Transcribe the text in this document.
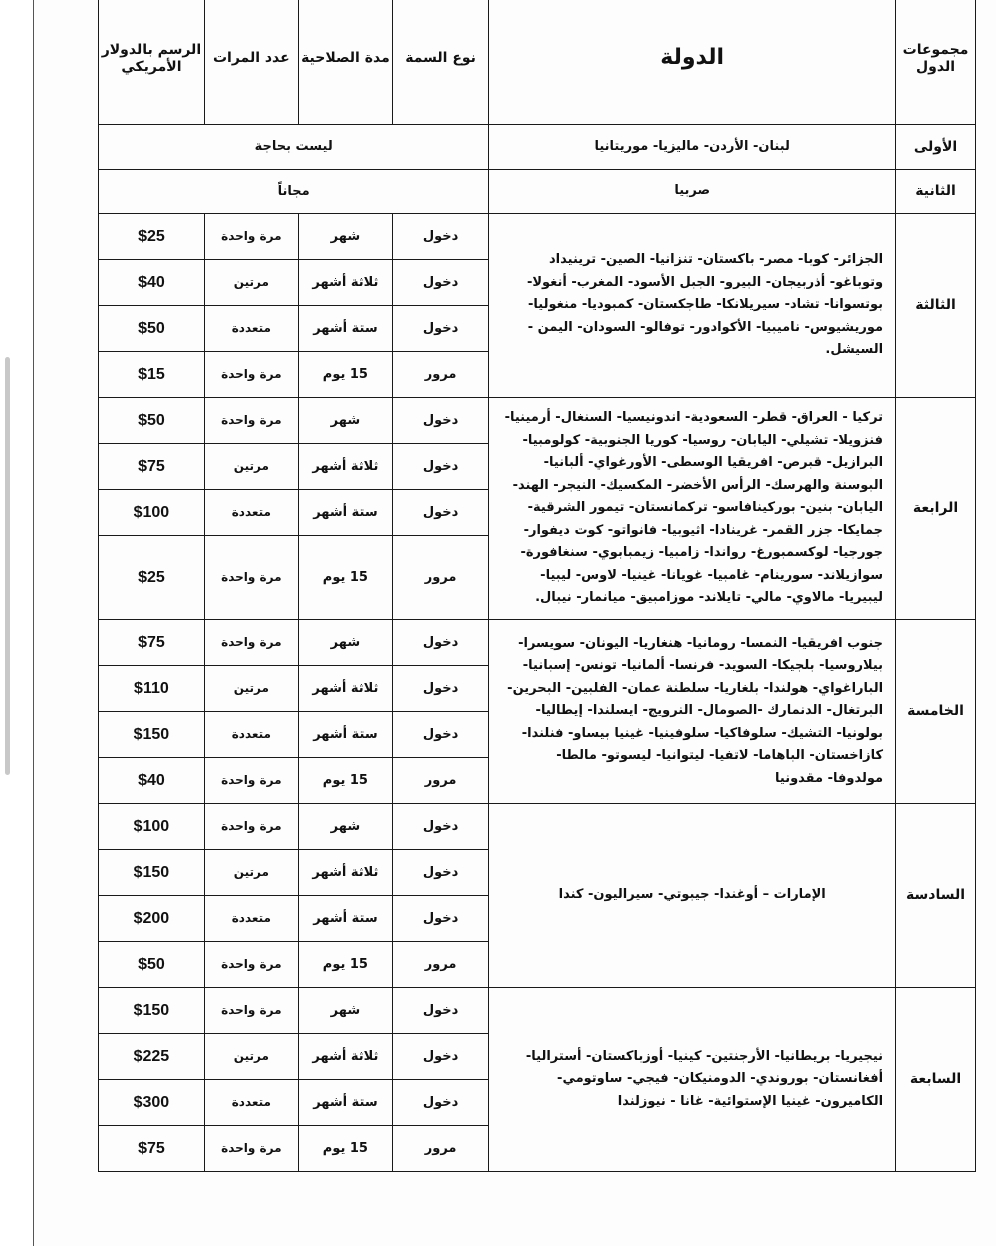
مجموعات الدول	الدولة	نوع السمة	مدة الصلاحية	عدد المرات	الرسم بالدولار الأمريكي
الأولى	لبنان- الأردن- ماليزيا- موريتانيا	ليست بحاجة			
الثانية	صربيا	مجاناً			
الثالثة	الجزائر- كوبا- مصر- باكستان- تنزانيا- الصين- ترينيداد وتوباغو- أذربيجان- البيرو- الجبل الأسود- المغرب- أنغولا- بوتسوانا- تشاد- سيريلانكا- طاجكستان- كمبوديا- منغوليا- موريشيوس- ناميبيا- الأكوادور- توفالو- السودان- اليمن - السيشل.	دخول	شهر	مرة واحدة	$25
		دخول	ثلاثة أشهر	مرتين	$40
		دخول	ستة أشهر	متعددة	$50
		مرور	15 يوم	مرة واحدة	$15
الرابعة	تركيا - العراق- قطر- السعودية- اندونيسيا- السنغال- أرمينيا- فنزويلا- تشيلي- اليابان- روسيا- كوريا الجنوبية- كولومبيا- البرازيل- قبرص- افريقيا الوسطى- الأورغواي- ألبانيا- البوسنة والهرسك- الرأس الأخضر- المكسيك- النيجر- الهند- اليابان- بنين- بوركينافاسو- تركمانستان- تيمور الشرقية- جمايكا- جزر القمر- غرينادا- اثيوبيا- فانواتو- كوت ديفوار- جورجيا- لوكسمبورغ- رواندا- زامبيا- زيمبابوي- سنغافورة- سوازيلاند- سورينام- غامبيا- غويانا- غينيا- لاوس- ليبيا- ليبيريا- مالاوي- مالي- تايلاند- موزامبيق- ميانمار- نيبال.	دخول	شهر	مرة واحدة	$50
		دخول	ثلاثة أشهر	مرتين	$75
		دخول	ستة أشهر	متعددة	$100
		مرور	15 يوم	مرة واحدة	$25
الخامسة	جنوب افريقيا- النمسا- رومانيا- هنغاريا- اليونان- سويسرا- بيلاروسيا- بلجيكا- السويد- فرنسا- ألمانيا- تونس- إسبانيا- الباراغواي- هولندا- بلغاريا- سلطنة عمان- الفلبين- البحرين- البرتغال- الدنمارك -الصومال- النرويج- ايسلندا- إيطاليا- بولونيا- التشيك- سلوفاكيا- سلوفينيا- غينيا بيساو- فنلندا- كازاخستان- الباهاما- لاتفيا- ليتوانيا- ليسوتو- مالطا- مولدوفا- مقدونيا	دخول	شهر	مرة واحدة	$75
		دخول	ثلاثة أشهر	مرتين	$110
		دخول	ستة أشهر	متعددة	$150
		مرور	15 يوم	مرة واحدة	$40
السادسة	الإمارات – أوغندا- جيبوتي- سيراليون- كندا	دخول	شهر	مرة واحدة	$100
		دخول	ثلاثة أشهر	مرتين	$150
		دخول	ستة أشهر	متعددة	$200
		مرور	15 يوم	مرة واحدة	$50
السابعة	نيجيريا- بريطانيا- الأرجنتين- كينيا- أوزباكستان- أستراليا- أفغانستان- بوروندي- الدومنيكان- فيجي- ساوتومي- الكاميرون- غينيا الإستوائية- غانا - نيوزلندا	دخول	شهر	مرة واحدة	$150
		دخول	ثلاثة أشهر	مرتين	$225
		دخول	ستة أشهر	متعددة	$300
		مرور	15 يوم	مرة واحدة	$75
